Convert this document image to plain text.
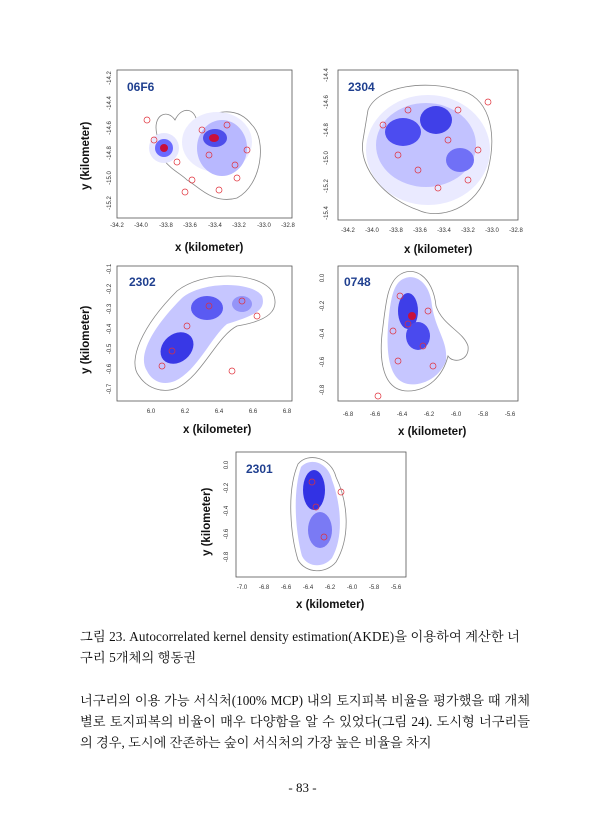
06F6
-34.2 -34.0 -33.8 -33.6 -33.4 -33.2 -33.0 -32.8
-14.2
-14.4
-14.6
-14.8
-15.0
-15.2
x (kilometer)
y (kilometer)
2304
-34.2 -34.0 -33.8 -33.6 -33.4 -33.2 -33.0 -32.8
-14.4
-14.6
-14.8
-15.0
-15.2
-15.4
x (kilometer)
2302
6.0	6.2	6.4	6.6	6.8
-0.1
-0.2
-0.3
-0.4
-0.5
-0.6
-0.7
x (kilometer)
y (kilometer)
0748
-6.8	-6.6	-6.4	-6.2	-6.0	-5.8	-5.6
0.0
-0.2
-0.4
-0.6
-0.8
x (kilometer)
2301
-7.0 -6.8 -6.6 -6.4 -6.2 -6.0 -5.8 -5.6
0.0
-0.2
-0.4
-0.6
-0.8
x (kilometer)
y (kilometer)
그림 23. Autocorrelated kernel density estimation(AKDE)을 이용하여 계산한 너구리 5개체의 행동권
너구리의 이용 가능 서식처(100% MCP) 내의 토지피복 비율을 평가했을 때 개체별로 토지피복의 비율이 매우 다양함을 알 수 있었다(그림 24). 도시형 너구리들의 경우, 도시에 잔존하는 숲이 서식처의 가장 높은 비율을 차지
- 83 -
